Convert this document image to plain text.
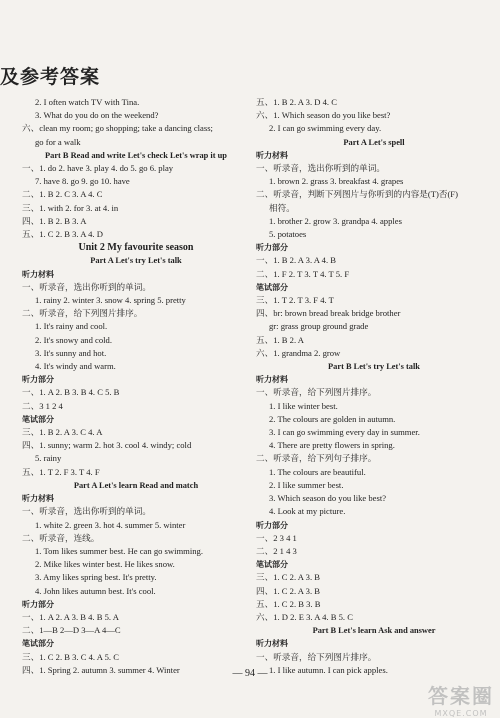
及参考答案
2. I often watch TV with Tina.
3. What do you do on the weekend?
六、clean my room; go shopping; take a dancing class;
go for a walk
Part B Read and write Let's check Let's wrap it up
一、1. do 2. have 3. play 4. do 5. go 6. play
7. have 8. go 9. go 10. have
二、1. B 2. C 3. A 4. C
三、1. with 2. for 3. at 4. in
四、1. B 2. B 3. A
五、1. C 2. B 3. A 4. D
Unit 2 My favourite season
Part A Let's try Let's talk
听力材料
一、听录音，选出你听到的单词。
1. rainy 2. winter 3. snow 4. spring 5. pretty
二、听录音，给下列图片排序。
1. It's rainy and cool.
2. It's snowy and cold.
3. It's sunny and hot.
4. It's windy and warm.
听力部分
一、1. A 2. B 3. B 4. C 5. B
二、3 1 2 4
笔试部分
三、1. B 2. A 3. C 4. A
四、1. sunny; warm 2. hot 3. cool 4. windy; cold
5. rainy
五、1. T 2. F 3. T 4. F
Part A Let's learn Read and match
听力材料
一、听录音，选出你听到的单词。
1. white 2. green 3. hot 4. summer 5. winter
二、听录音，连线。
1. Tom likes summer best. He can go swimming.
2. Mike likes winter best. He likes snow.
3. Amy likes spring best. It's pretty.
4. John likes autumn best. It's cool.
听力部分
一、1. A 2. A 3. B 4. B 5. A
二、1—B 2—D 3—A 4—C
笔试部分
三、1. C 2. B 3. C 4. A 5. C
四、1. Spring 2. autumn 3. summer 4. Winter
五、1. B 2. A 3. D 4. C
六、1. Which season do you like best?
2. I can go swimming every day.
Part A Let's spell
听力材料
一、听录音，选出你听到的单词。
1. brown 2. grass 3. breakfast 4. grapes
二、听录音，判断下列图片与你听到的内容是(T)否(F)
相符。
1. brother 2. grow 3. grandpa 4. apples
5. potatoes
听力部分
一、1. B 2. A 3. A 4. B
二、1. F 2. T 3. T 4. T 5. F
笔试部分
三、1. T 2. T 3. F 4. T
四、br: brown bread break bridge brother
gr: grass group ground grade
五、1. B 2. A
六、1. grandma 2. grow
Part B Let's try Let's talk
听力材料
一、听录音，给下列图片排序。
1. I like winter best.
2. The colours are golden in autumn.
3. I can go swimming every day in summer.
4. There are pretty flowers in spring.
二、听录音，给下列句子排序。
1. The colours are beautiful.
2. I like summer best.
3. Which season do you like best?
4. Look at my picture.
听力部分
一、2 3 4 1
二、2 1 4 3
笔试部分
三、1. C 2. A 3. B
四、1. C 2. A 3. B
五、1. C 2. B 3. B
六、1. D 2. E 3. A 4. B 5. C
Part B Let's learn Ask and answer
听力材料
一、听录音，给下列图片排序。
1. I like autumn. I can pick apples.
— 94 —
答案圈
MXQE.COM
